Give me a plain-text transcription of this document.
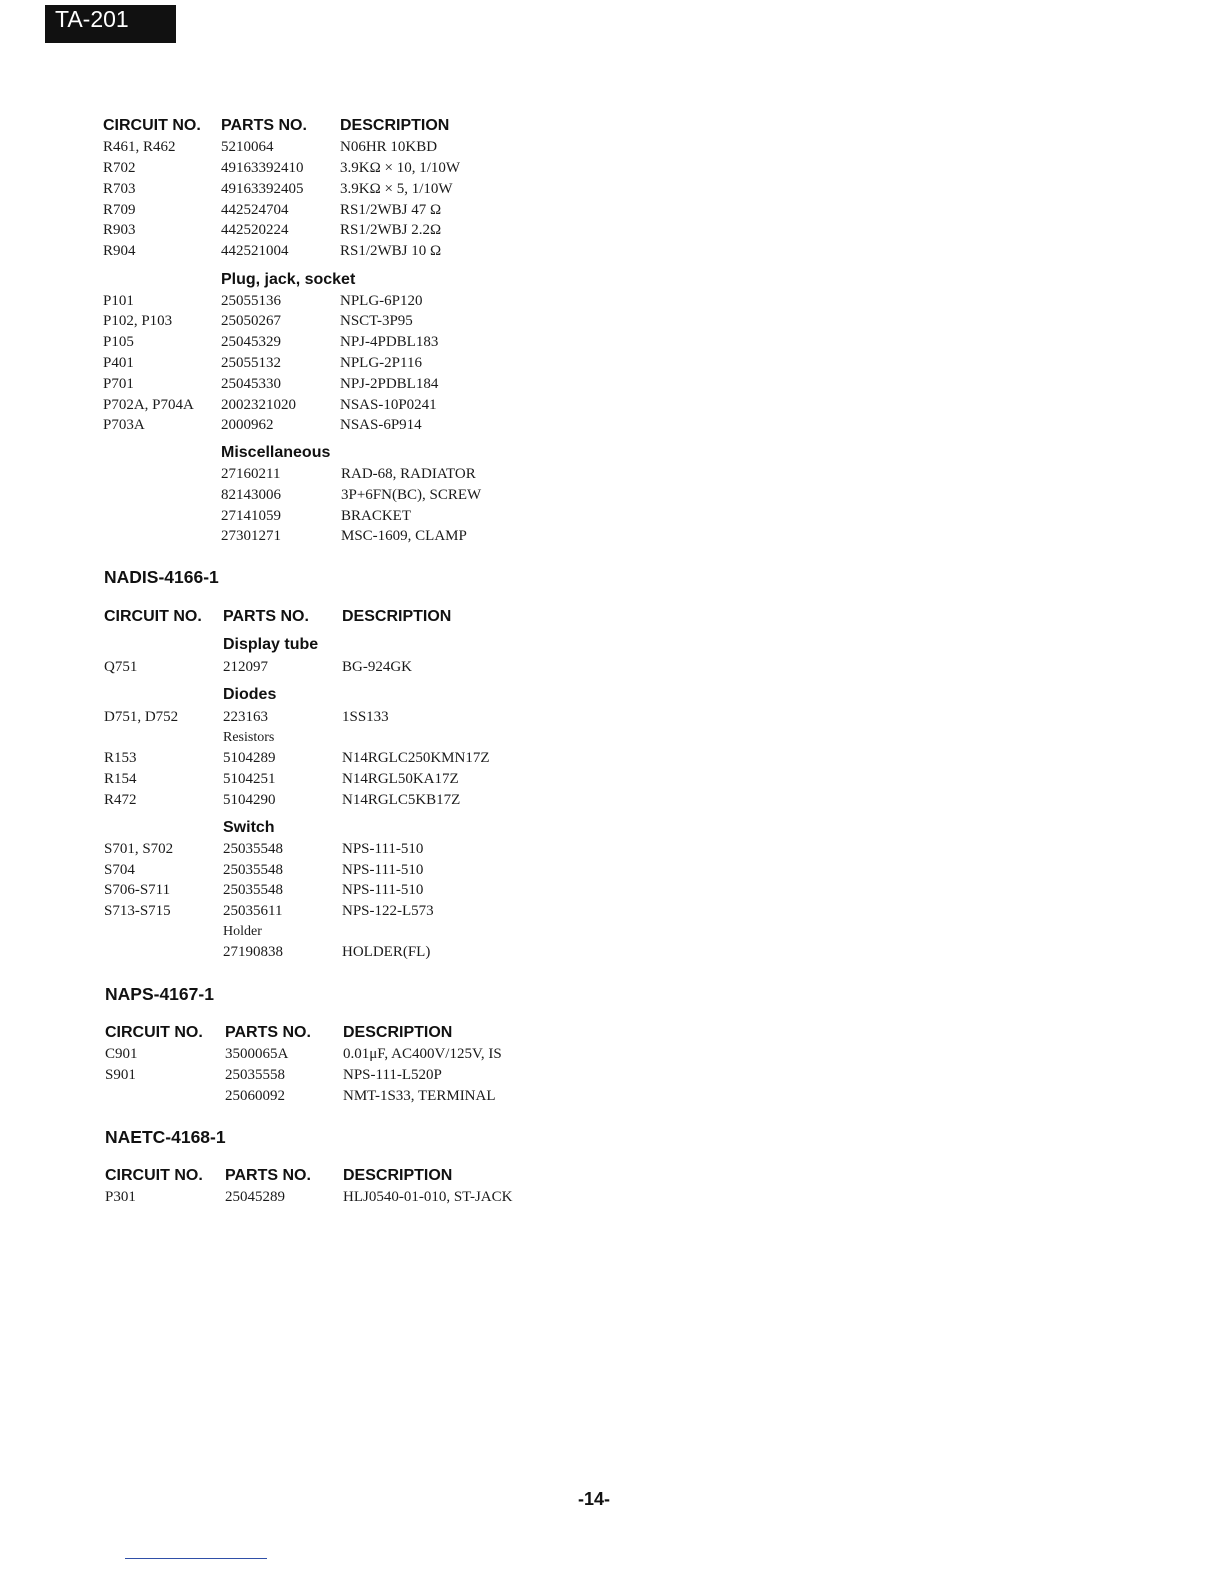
TA-201
CIRCUIT NO. PARTS NO. DESCRIPTION
R461, R462	5210064	N06HR 10KBD
R702	49163392410 3.9KΩ × 10, 1/10W
R703	49163392405 3.9KΩ × 5, 1/10W
R709	442524704	RS1/2WBJ 47 Ω
R903	442520224	RS1/2WBJ 2.2Ω
R904	442521004	RS1/2WBJ 10 Ω
Plug, jack, socket
P101	25055136	NPLG-6P120
P102, P103	25050267	NSCT-3P95
P105	25045329	NPJ-4PDBL183
P401	25055132	NPLG-2P116
P701	25045330	NPJ-2PDBL184
P702A, P704A 2002321020	NSAS-10P0241
P703A	2000962	NSAS-6P914
Miscellaneous
27160211	RAD-68, RADIATOR
82143006	3P+6FN(BC), SCREW
27141059	BRACKET
27301271	MSC-1609, CLAMP
NADIS-4166-1
CIRCUIT NO. PARTS NO. DESCRIPTION
Display tube
Q751	212097	BG-924GK
Diodes
D751, D752	223163	1SS133
Resistors
R153	5104289	N14RGLC250KMN17Z
R154	5104251	N14RGL50KA17Z
R472	5104290	N14RGLC5KB17Z
Switch
S701, S702	25035548	NPS-111-510
S704	25035548	NPS-111-510
S706-S711	25035548	NPS-111-510
S713-S715	25035611	NPS-122-L573
Holder
27190838	HOLDER(FL)
NAPS-4167-1
CIRCUIT NO. PARTS NO. DESCRIPTION
C901	3500065A	0.01μF, AC400V/125V, IS
S901	25035558	NPS-111-L520P
25060092	NMT-1S33, TERMINAL
NAETC-4168-1
CIRCUIT NO. PARTS NO. DESCRIPTION
P301	25045289	HLJ0540-01-010, ST-JACK
-14-
